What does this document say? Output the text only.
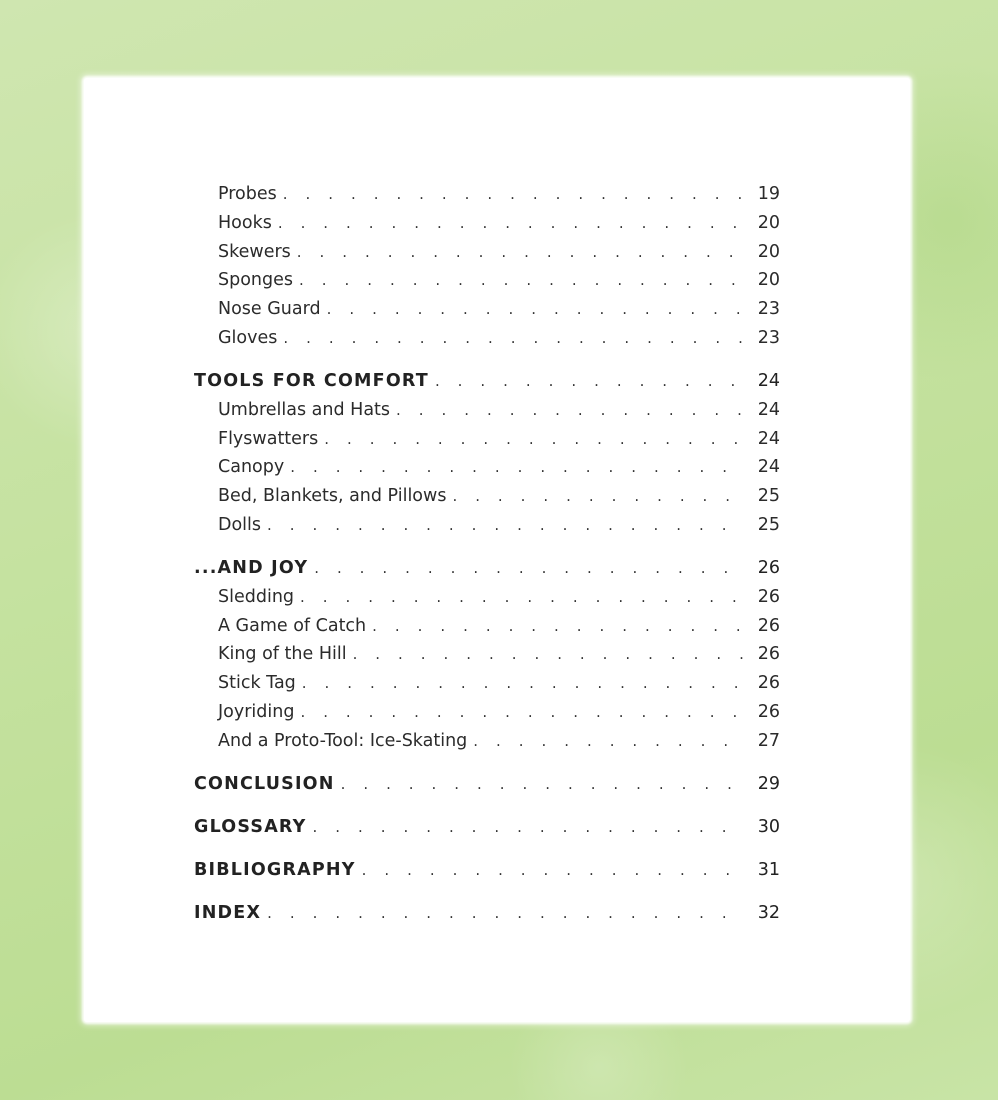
Probes . . .	19
Hooks . . .	20
Skewers . . .	20
Sponges . . .	20
Nose Guard . . .	23
Gloves . . .	23
TOOLS FOR COMFORT . . .	24
Umbrellas and Hats . . .	24
Flyswatters . . .	24
Canopy . . .	24
Bed, Blankets, and Pillows . . .	25
Dolls . . .	25
...AND JOY . . .	26
Sledding . . .	26
A Game of Catch . . .	26
King of the Hill . . .	26
Stick Tag . . .	26
Joyriding . . .	26
And a Proto-Tool: Ice-Skating . . .	27
CONCLUSION . . .	29
GLOSSARY . . .	30
BIBLIOGRAPHY . . .	31
INDEX . . .	32
